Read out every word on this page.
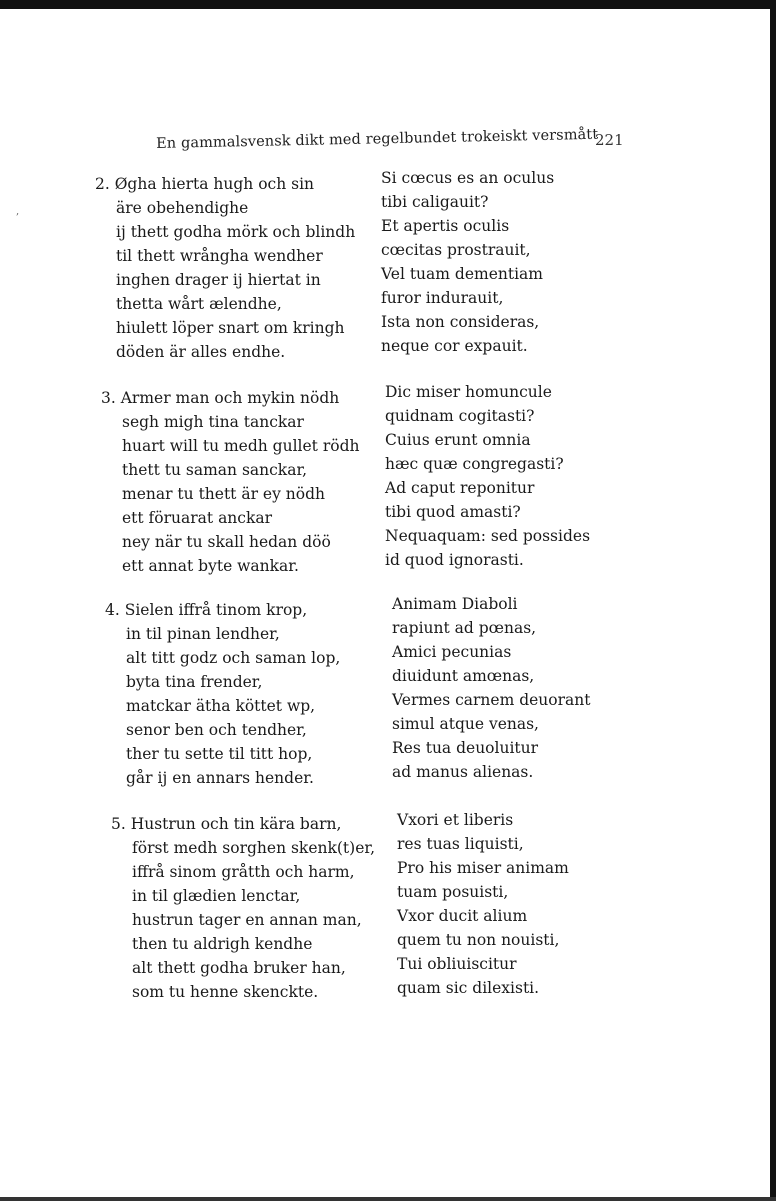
,
En gammalsvensk dikt med regelbundet trokeiskt versmått
221
2. Øgha hierta hugh och sin
äre obehendighe
ij thett godha mörk och blindh
til thett wrångha wendher
inghen drager ij hiertat in
thetta wårt ælendhe,
hiulett löper snart om kringh
döden är alles endhe.
Si cœcus es an oculus
tibi caligauit?
Et apertis oculis
cœcitas prostrauit,
Vel tuam dementiam
furor indurauit,
Ista non consideras,
neque cor expauit.
3. Armer man och mykin nödh
segh migh tina tanckar
huart will tu medh gullet rödh
thett tu saman sanckar,
menar tu thett är ey nödh
ett föruarat anckar
ney när tu skall hedan döö
ett annat byte wankar.
Dic miser homuncule
quidnam cogitasti?
Cuius erunt omnia
hæc quæ congregasti?
Ad caput reponitur
tibi quod amasti?
Nequaquam: sed possides
id quod ignorasti.
4. Sielen iffrå tinom krop,
in til pinan lendher,
alt titt godz och saman lop,
byta tina frender,
matckar ätha köttet wp,
senor ben och tendher,
ther tu sette til titt hop,
går ij en annars hender.
Animam Diaboli
rapiunt ad pœnas,
Amici pecunias
diuidunt amœnas,
Vermes carnem deuorant
simul atque venas,
Res tua deuoluitur
ad manus alienas.
5. Hustrun och tin kära barn,
först medh sorghen skenk(t)er,
iffrå sinom gråtth och harm,
in til glædien lenctar,
hustrun tager en annan man,
then tu aldrigh kendhe
alt thett godha bruker han,
som tu henne skenckte.
Vxori et liberis
res tuas liquisti,
Pro his miser animam
tuam posuisti,
Vxor ducit alium
quem tu non nouisti,
Tui obliuiscitur
quam sic dilexisti.
